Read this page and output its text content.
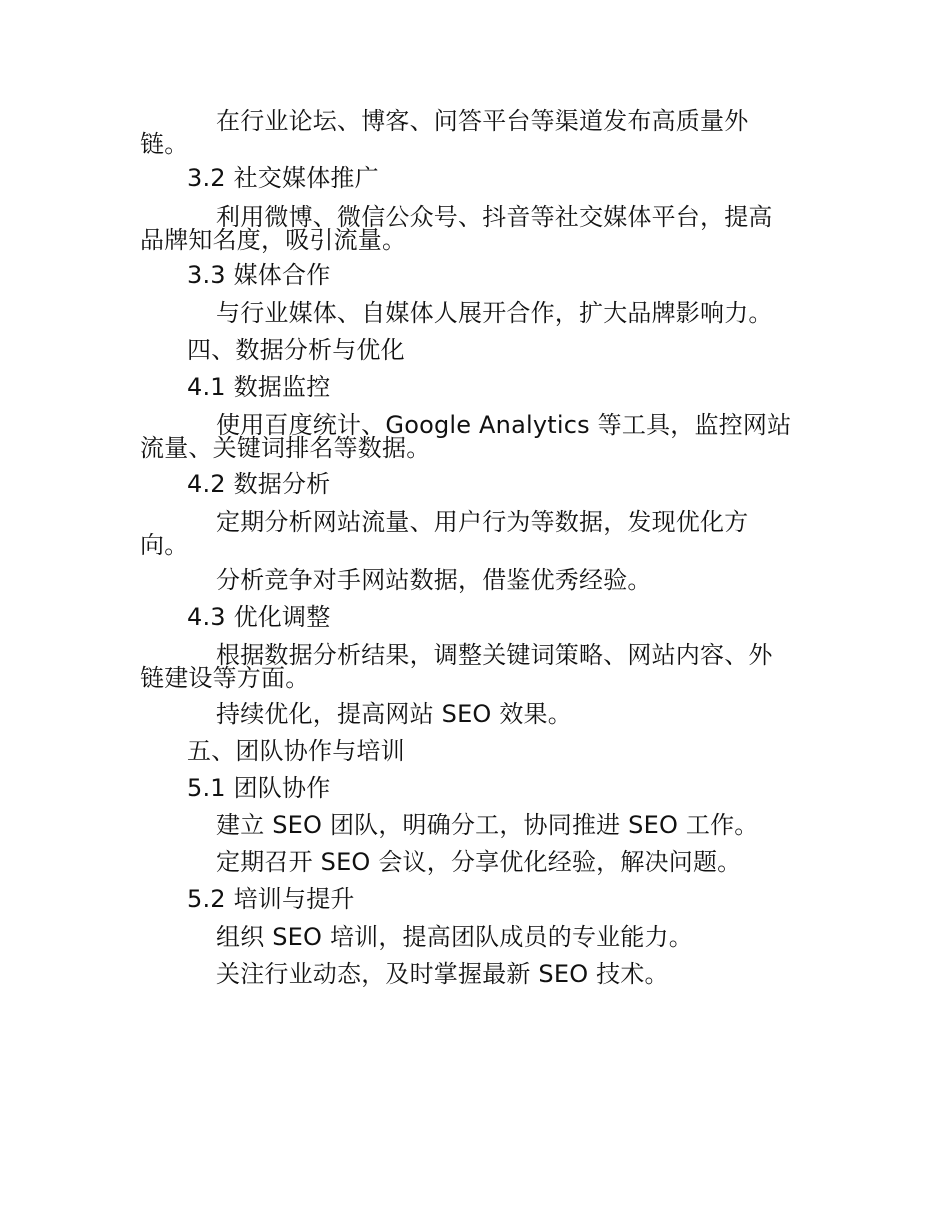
在行业论坛、博客、问答平台等渠道发布高质量外
链。
3.2 社交媒体推广
利用微博、微信公众号、抖音等社交媒体平台，提高
品牌知名度，吸引流量。
3.3 媒体合作
与行业媒体、自媒体人展开合作，扩大品牌影响力。
四、数据分析与优化
4.1 数据监控
使用百度统计、Google Analytics 等工具，监控网站
流量、关键词排名等数据。
4.2 数据分析
定期分析网站流量、用户行为等数据，发现优化方
向。
分析竞争对手网站数据，借鉴优秀经验。
4.3 优化调整
根据数据分析结果，调整关键词策略、网站内容、外
链建设等方面。
持续优化，提高网站 SEO 效果。
五、团队协作与培训
5.1 团队协作
建立 SEO 团队，明确分工，协同推进 SEO 工作。
定期召开 SEO 会议，分享优化经验，解决问题。
5.2 培训与提升
组织 SEO 培训，提高团队成员的专业能力。
关注行业动态，及时掌握最新 SEO 技术。
